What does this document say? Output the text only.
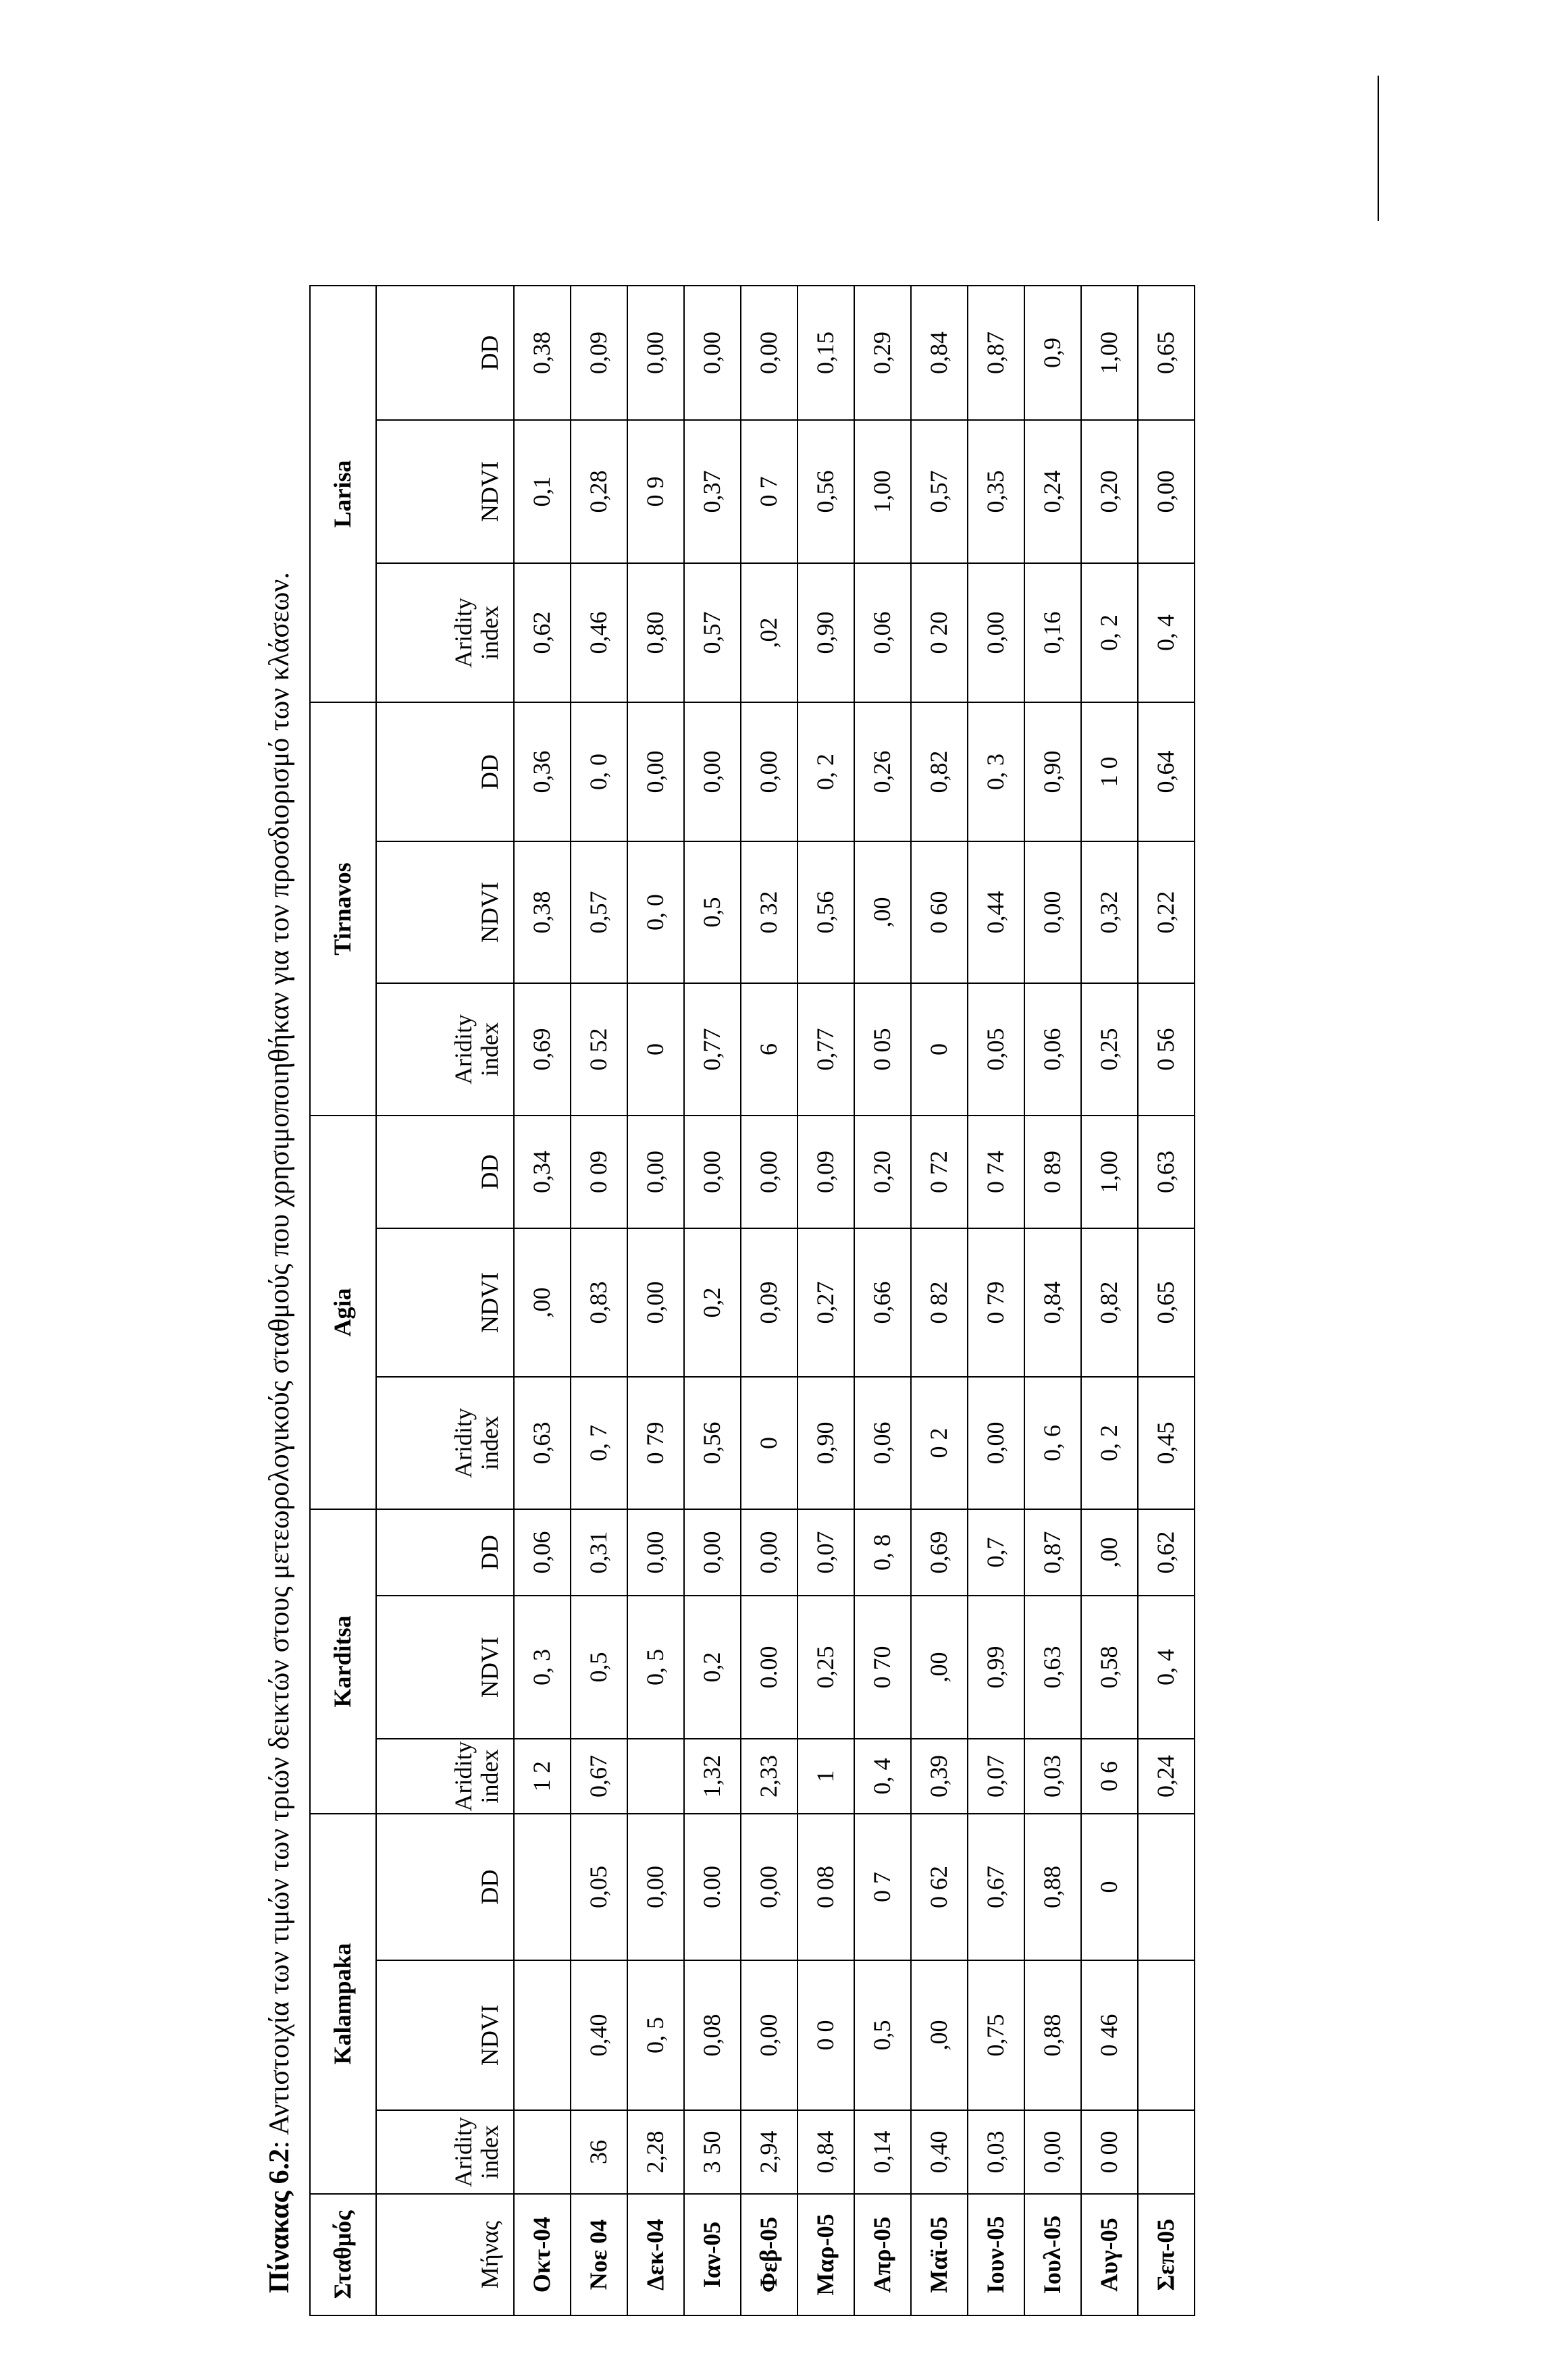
Πίνακας 6.2: Αντιστοιχία των τιμών των τριών δεικτών στους μετεωρολογικούς σταθμούς που χρησιμοποιηθήκαν για τον προσδιορισμό των κλάσεων.
Σταθμός	Kalampaka			Karditsa			Agia			Tirnavos			Larisa		
Μήνας	Aridity index	NDVI	DD	Aridity index	NDVI	DD	Aridity index	NDVI	DD	Aridity index	NDVI	DD	Aridity index	NDVI	DD
Οκτ-04				1 2	0, 3	0,06	0,63	,00	0,34	0,69	0,38	0,36	0,62	0,1	0,38
Νοε 04	36	0,40	0,05	0,67	0,5	0,31	0, 7	0,83	0 09	0 52	0,57	0, 0	0,46	0,28	0,09
Δεκ-04	2,28	0, 5	0,00		0, 5	0,00	0 79	0,00	0,00	0	0, 0	0,00	0,80	0 9	0,00
Ιαν-05	3 50	0,08	0.00	1,32	0,2	0,00	0,56	0,2	0,00	0,77	0,5	0,00	0,57	0,37	0,00
Φεβ-05	2,94	0,00	0,00	2,33	0.00	0,00	0	0,09	0,00	6	0 32	0,00	,02	0 7	0,00
Μαρ-05	0,84	0 0	0 08	1	0,25	0,07	0,90	0,27	0,09	0,77	0,56	0, 2	0,90	0,56	0,15
Απρ-05	0,14	0,5	0 7	0, 4	0 70	0, 8	0,06	0,66	0,20	0 05	,00	0,26	0,06	1,00	0,29
Μαϊ-05	0,40	,00	0 62	0,39	,00	0,69	0 2	0 82	0 72	0	0 60	0,82	0 20	0,57	0,84
Ιουν-05	0,03	0,75	0,67	0,07	0,99	0,7	0,00	0 79	0 74	0,05	0,44	0, 3	0,00	0,35	0,87
Ιουλ-05	0,00	0,88	0,88	0,03	0,63	0,87	0, 6	0,84	0 89	0,06	0,00	0,90	0,16	0,24	0,9
Αυγ-05	0 00	0 46	0	0 6	0,58	,00	0, 2	0,82	1,00	0,25	0,32	1 0	0, 2	0,20	1,00
Σεπ-05				0,24	0, 4	0,62	0,45	0,65	0,63	0 56	0,22	0,64	0, 4	0,00	0,65
